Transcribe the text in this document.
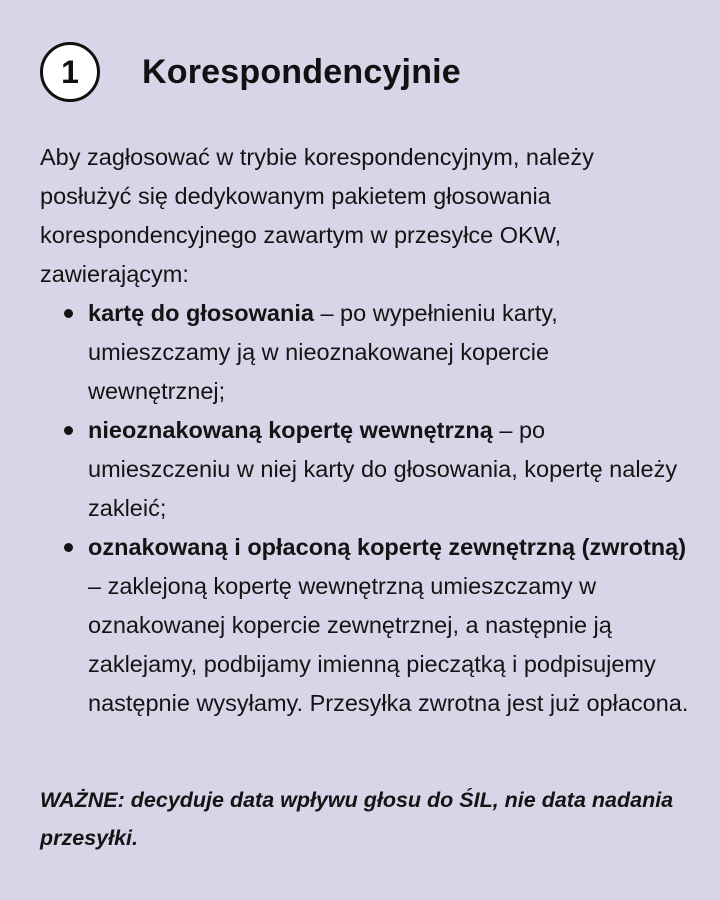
1	Korespondencyjnie

Aby zagłosować w trybie korespondencyjnym, należy posłużyć się dedykowanym pakietem głosowania korespondencyjnego zawartym w przesyłce OKW, zawierającym:

kartę do głosowania – po wypełnieniu karty, umieszczamy ją w nieoznakowanej kopercie wewnętrznej;
nieoznakowaną kopertę wewnętrzną – po umieszczeniu w niej karty do głosowania, kopertę należy zakleić;
oznakowaną i opłaconą kopertę zewnętrzną (zwrotną) – zaklejoną kopertę wewnętrzną umieszczamy w oznakowanej kopercie zewnętrznej, a następnie ją zaklejamy, podbijamy imienną pieczątką i podpisujemy następnie wysyłamy. Przesyłka zwrotna jest już opłacona.
WAŻNE: decyduje data wpływu głosu do ŚIL, nie data nadania przesyłki.
